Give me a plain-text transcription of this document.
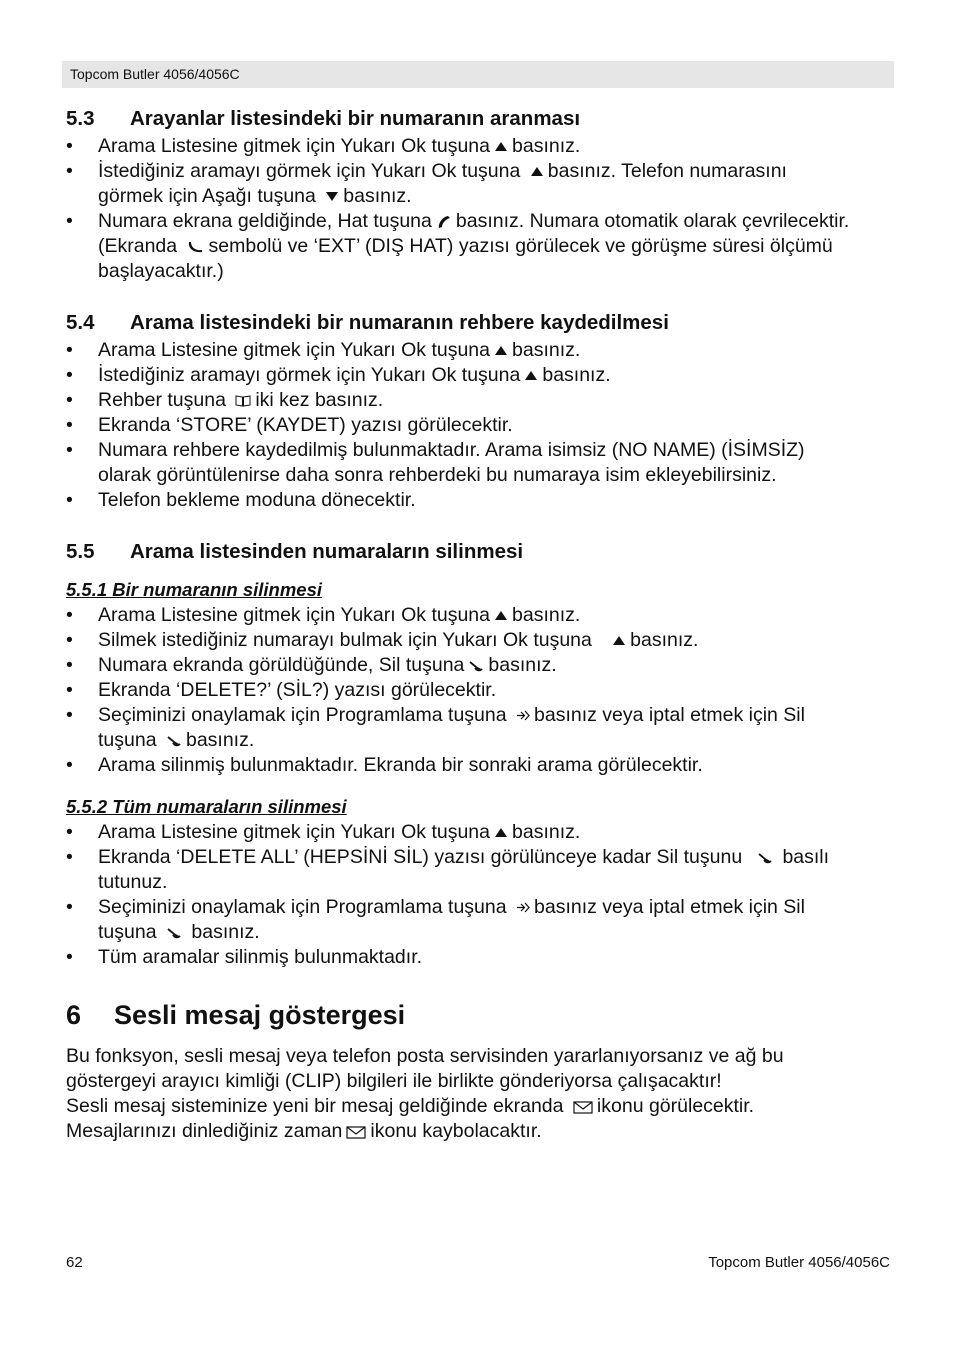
Topcom Butler 4056/4056C
5.3 Arayanlar listesindeki bir numaranın aranması
• Arama Listesine gitmek için Yukarı Ok tuşuna basınız.
• İstediğiniz aramayı görmek için Yukarı Ok tuşuna basınız. Telefon numarasını
görmek için Aşağı tuşuna basınız.
• Numara ekrana geldiğinde, Hat tuşuna basınız. Numara otomatik olarak çevrilecektir.
(Ekranda sembolü ve ‘EXT’ (DIŞ HAT) yazısı görülecek ve görüşme süresi ölçümü
başlayacaktır.)
5.4 Arama listesindeki bir numaranın rehbere kaydedilmesi
• Arama Listesine gitmek için Yukarı Ok tuşuna basınız.
• İstediğiniz aramayı görmek için Yukarı Ok tuşuna basınız.
• Rehber tuşuna iki kez basınız.
• Ekranda ‘STORE’ (KAYDET) yazısı görülecektir.
• Numara rehbere kaydedilmiş bulunmaktadır. Arama isimsiz (NO NAME) (İSİMSİZ)
olarak görüntülenirse daha sonra rehberdeki bu numaraya isim ekleyebilirsiniz.
• Telefon bekleme moduna dönecektir.
5.5 Arama listesinden numaraların silinmesi
5.5.1 Bir numaranın silinmesi
• Arama Listesine gitmek için Yukarı Ok tuşuna basınız.
• Silmek istediğiniz numarayı bulmak için Yukarı Ok tuşuna basınız.
• Numara ekranda görüldüğünde, Sil tuşuna basınız.
• Ekranda ‘DELETE?’ (SİL?) yazısı görülecektir.
• Seçiminizi onaylamak için Programlama tuşuna basınız veya iptal etmek için Sil
tuşuna basınız.
• Arama silinmiş bulunmaktadır. Ekranda bir sonraki arama görülecektir.
5.5.2 Tüm numaraların silinmesi
• Arama Listesine gitmek için Yukarı Ok tuşuna basınız.
• Ekranda ‘DELETE ALL’ (HEPSİNİ SİL) yazısı görülünceye kadar Sil tuşunu basılı
tutunuz.
• Seçiminizi onaylamak için Programlama tuşuna basınız veya iptal etmek için Sil
tuşuna basınız.
• Tüm aramalar silinmiş bulunmaktadır.
6 Sesli mesaj göstergesi

Bu fonksyon, sesli mesaj veya telefon posta servisinden yararlanıyorsanız ve ağ bu
göstergeyi arayıcı kimliği (CLIP) bilgileri ile birlikte gönderiyorsa çalışacaktır!
Sesli mesaj sisteminize yeni bir mesaj geldiğinde ekranda ikonu görülecektir.
Mesajlarınızı dinlediğiniz zaman ikonu kaybolacaktır.

62	Topcom Butler 4056/4056C
